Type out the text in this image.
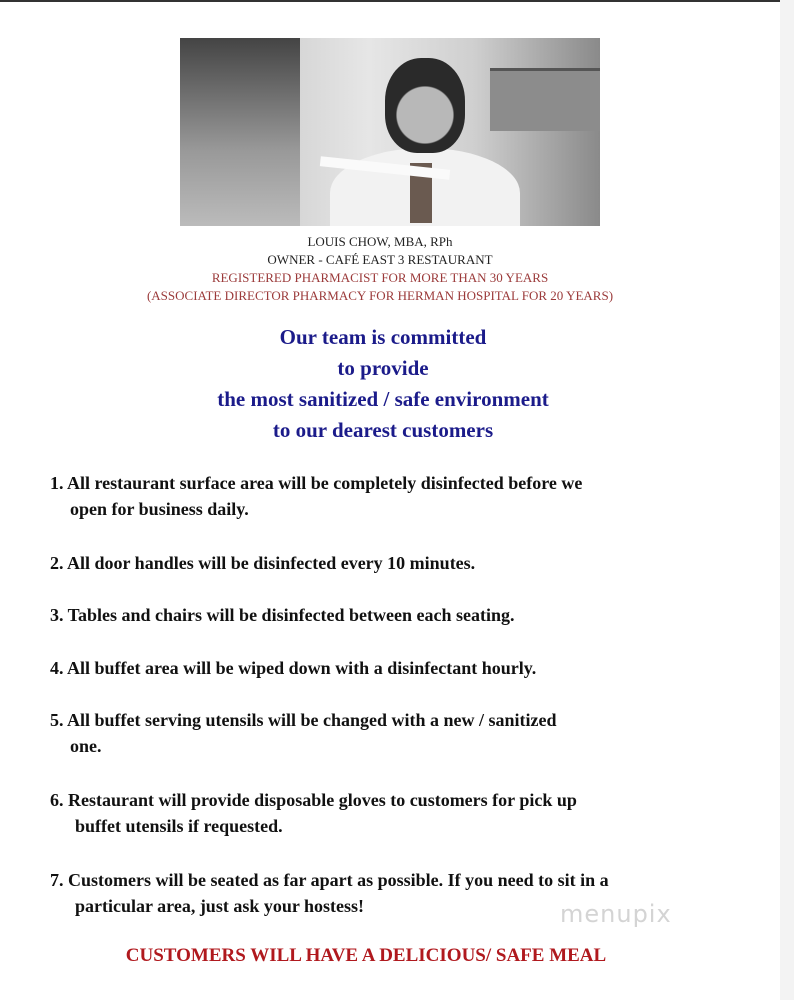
LOUIS CHOW, MBA, RPh
OWNER - CAFÉ EAST 3 RESTAURANT
REGISTERED PHARMACIST FOR MORE THAN 30 YEARS
(ASSOCIATE DIRECTOR PHARMACY FOR HERMAN HOSPITAL FOR 20 YEARS)
Our team is committed
to provide
the most sanitized / safe environment
to our dearest customers
1. All restaurant surface area will be completely disinfected before we
open for business daily.
2. All door handles will be disinfected every 10 minutes.
3. Tables and chairs will be disinfected between each seating.
4. All buffet area will be wiped down with a disinfectant hourly.
5. All buffet serving utensils will be changed with a new / sanitized
one.
6. Restaurant will provide disposable gloves to customers for pick up
buffet utensils if requested.
7. Customers will be seated as far apart as possible. If you need to sit in a
particular area, just ask your hostess!	menupix
CUSTOMERS WILL HAVE A DELICIOUS/ SAFE MEAL
